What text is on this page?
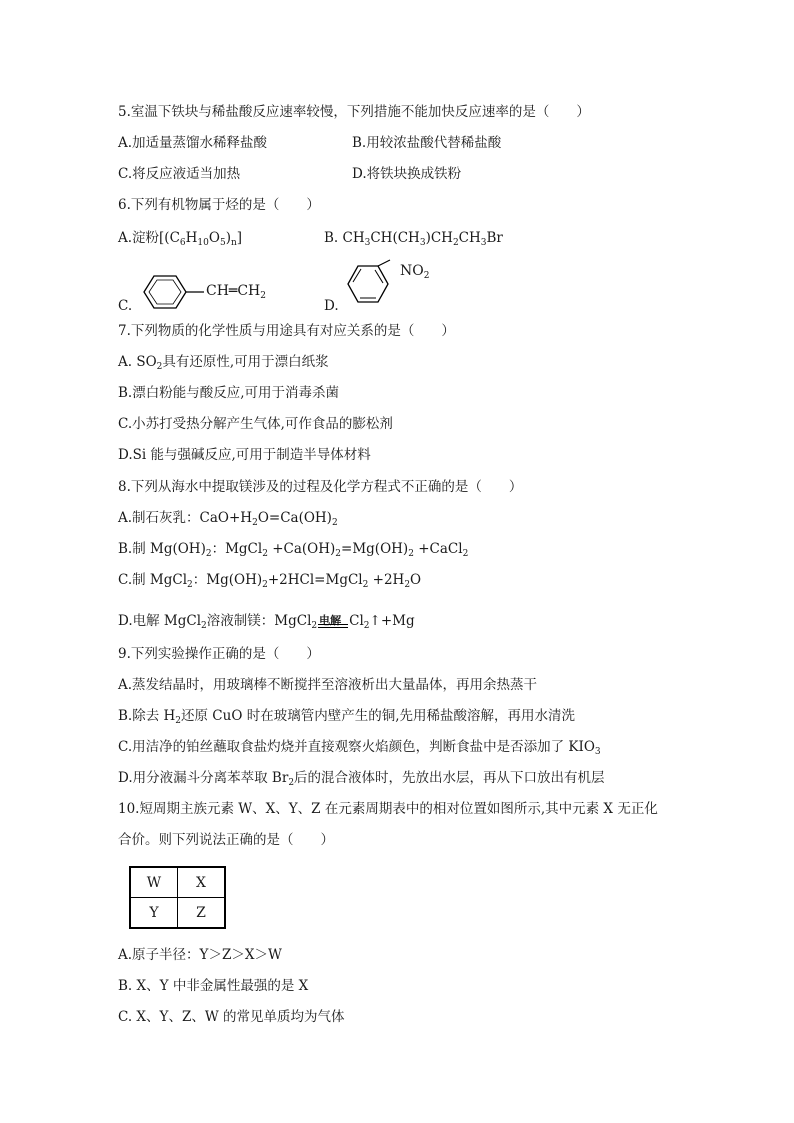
5.室温下铁块与稀盐酸反应速率较慢，下列措施不能加快反应速率的是（　　）
A.加适量蒸馏水稀释盐酸	B.用较浓盐酸代替稀盐酸
C.将反应液适当加热	D.将铁块换成铁粉
6.下列有机物属于烃的是（　　）
A.淀粉$[(C_6H_{10}O_5)_n]$	B. $CH_3CH(CH_3)CH_2CH_3Br$
C.
$CH═CH_2$
D.
$NO_2$
7.下列物质的化学性质与用途具有对应关系的是（　　）
A. $SO_2$具有还原性,可用于漂白纸浆
B.漂白粉能与酸反应,可用于消毒杀菌
C.小苏打受热分解产生气体,可作食品的膨松剂
D.Si 能与强碱反应,可用于制造半导体材料
8.下列从海水中提取镁涉及的过程及化学方程式不正确的是（　　）
A.制石灰乳：$CaO+H_2O=Ca(OH)_2$
B.制 $Mg(OH)_2$：MgCl$_2$ $+Ca(OH)_2=Mg(OH)_2$ +CaCl$_2$
C.制 MgCl$_2$：$Mg(OH)_2+2HCl=MgCl_2 +2H_2O$
D.电解 MgCl$_2$溶液制镁：MgCl$_2$ 电解 $Cl_2↑+Mg$
9.下列实验操作正确的是（　　）
A.蒸发结晶时，用玻璃棒不断搅拌至溶液析出大量晶体，再用余热蒸干
B.除去 $H_2$还原 CuO 时在玻璃管内壁产生的铜,先用稀盐酸溶解，再用水清洗
C.用洁净的铂丝蘸取食盐灼烧并直接观察火焰颜色，判断食盐中是否添加了 $KIO_3$
D.用分液漏斗分离苯萃取 $Br_2$后的混合液体时，先放出水层，再从下口放出有机层
10.短周期主族元素 W、X、Y、Z 在元素周期表中的相对位置如图所示,其中元素 X 无正化
合价。则下列说法正确的是（　　）
W	X
Y	Z
A.原子半径：Y＞Z＞X＞W
B. X、Y 中非金属性最强的是 X
C. X、Y、Z、W 的常见单质均为气体
